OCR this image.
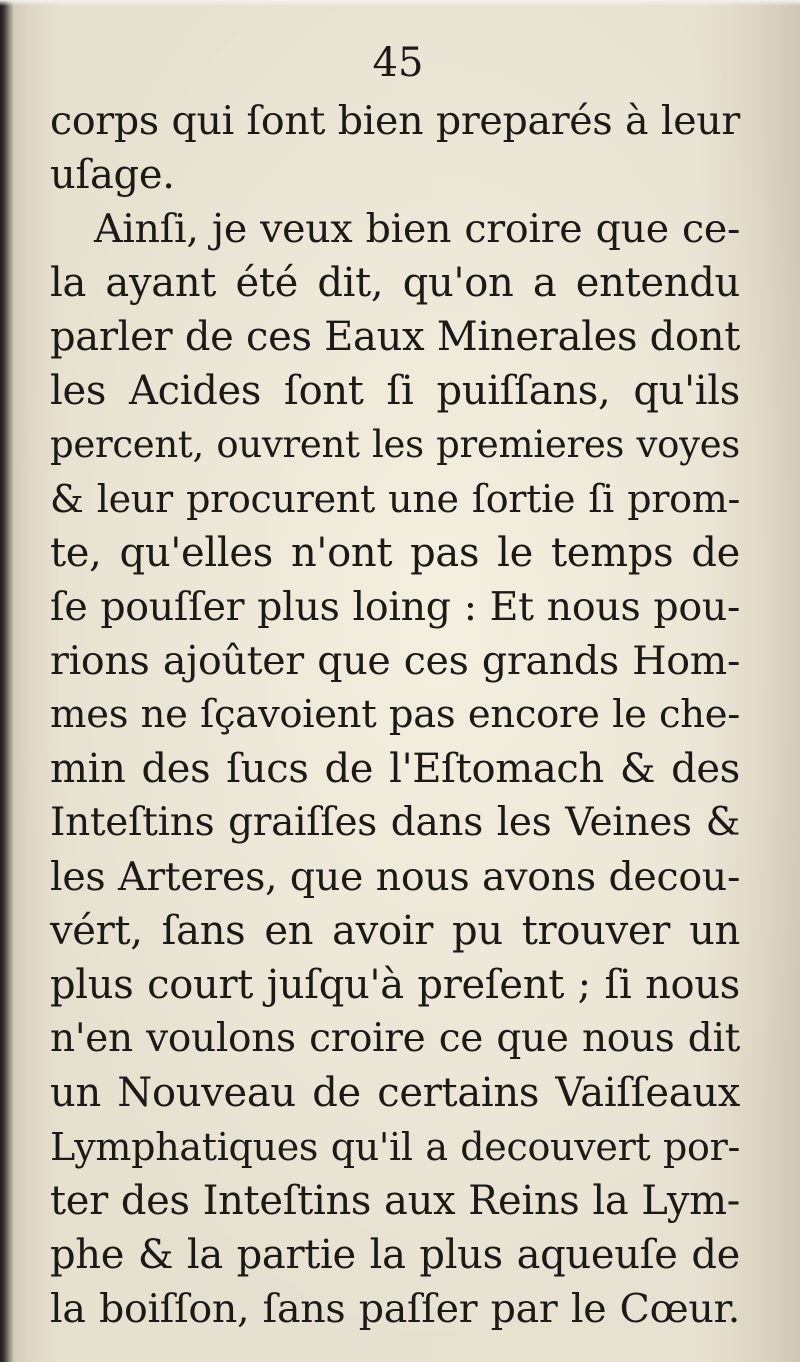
45
corps qui ſont bien preparés à leur
uſage.
Ainſi, je veux bien croire que ce-
la ayant été dit, qu'on a entendu
parler de ces Eaux Minerales dont
les Acides ſont ſi puiſſans, qu'ils
percent, ouvrent les premieres voyes
& leur procurent une ſortie ſi prom-
te, qu'elles n'ont pas le temps de
ſe pouſſer plus loing : Et nous pou-
rions ajoûter que ces grands Hom-
mes ne ſçavoient pas encore le che-
min des ſucs de l'Eſtomach & des
Inteſtins graiſſes dans les Veines &
les Arteres, que nous avons decou-
vért, ſans en avoir pu trouver un
plus court juſqu'à preſent ; ſi nous
n'en voulons croire ce que nous dit
un Nouveau de certains Vaiſſeaux
Lymphatiques qu'il a decouvert por-
ter des Inteſtins aux Reins la Lym-
phe & la partie la plus aqueuſe de
la boiſſon, ſans paſſer par le Cœur.
